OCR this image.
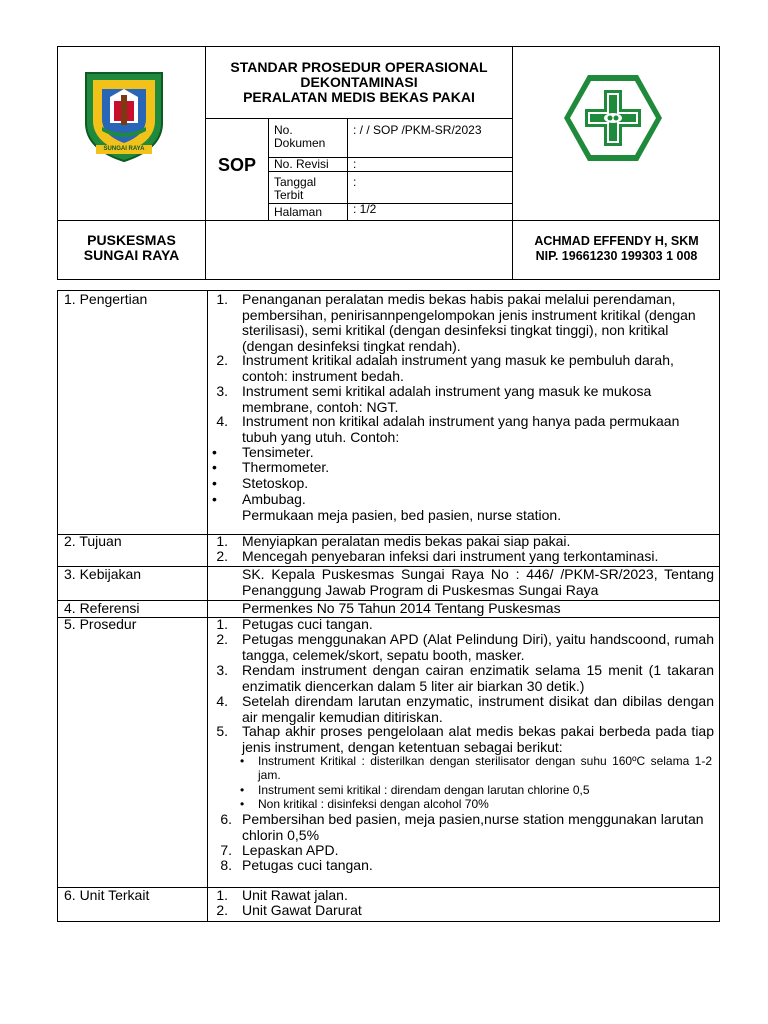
SUNGAI RAYA
STANDAR PROSEDUR OPERASIONAL
DEKONTAMINASI
PERALATAN MEDIS BEKAS PAKAI
SOP
No. Dokumen
: / / SOP /PKM-SR/2023
No. Revisi	:
Tanggal Terbit
:
Halaman	: 1/2
PUSKESMAS
SUNGAI RAYA
ACHMAD EFFENDY H, SKM
NIP. 19661230 199303 1 008
1. Pengertian
2. Tujuan
3. Kebijakan
4. Referensi
5. Prosedur
6. Unit Terkait
1. Penanganan peralatan medis bekas habis pakai melalui perendaman, pembersihan, penirisannpengelompokan jenis instrument kritikal (dengan sterilisasi), semi kritikal (dengan desinfeksi tingkat tinggi), non kritikal (dengan desinfeksi tingkat rendah).
2. Instrument kritikal adalah instrument yang masuk ke pembuluh darah, contoh: instrument bedah.
3. Instrument semi kritikal adalah instrument yang masuk ke mukosa membrane, contoh: NGT.
4. Instrument non kritikal adalah instrument yang hanya pada permukaan tubuh yang utuh. Contoh:
• Tensimeter.
• Thermometer.
• Stetoskop.
• Ambubag.
Permukaan meja pasien, bed pasien, nurse station.
1. Menyiapkan peralatan medis bekas pakai siap pakai.
2. Mencegah penyebaran infeksi dari instrument yang terkontaminasi.
SK. Kepala Puskesmas Sungai Raya No : 446/ /PKM-SR/2023, Tentang Penanggung Jawab Program di Puskesmas Sungai Raya
Permenkes No 75 Tahun 2014 Tentang Puskesmas
1. Petugas cuci tangan.
2. Petugas menggunakan APD (Alat Pelindung Diri), yaitu handscoond, rumah tangga, celemek/skort, sepatu booth, masker.
3. Rendam instrument dengan cairan enzimatik selama 15 menit (1 takaran enzimatik diencerkan dalam 5 liter air biarkan 30 detik.)
4. Setelah direndam larutan enzymatic, instrument disikat dan dibilas dengan air mengalir kemudian ditiriskan.
5. Tahap akhir proses pengelolaan alat medis bekas pakai berbeda pada tiap jenis instrument, dengan ketentuan sebagai berikut:
• Instrument Kritikal : disterilkan dengan sterilisator dengan suhu 160ºC selama 1-2 jam.
• Instrument semi kritikal : direndam dengan larutan chlorine 0,5
• Non kritikal : disinfeksi dengan alcohol 70%
6. Pembersihan bed pasien, meja pasien,nurse station menggunakan larutan chlorin 0,5%
7. Lepaskan APD.
8. Petugas cuci tangan.
1. Unit Rawat jalan.
2. Unit Gawat Darurat
